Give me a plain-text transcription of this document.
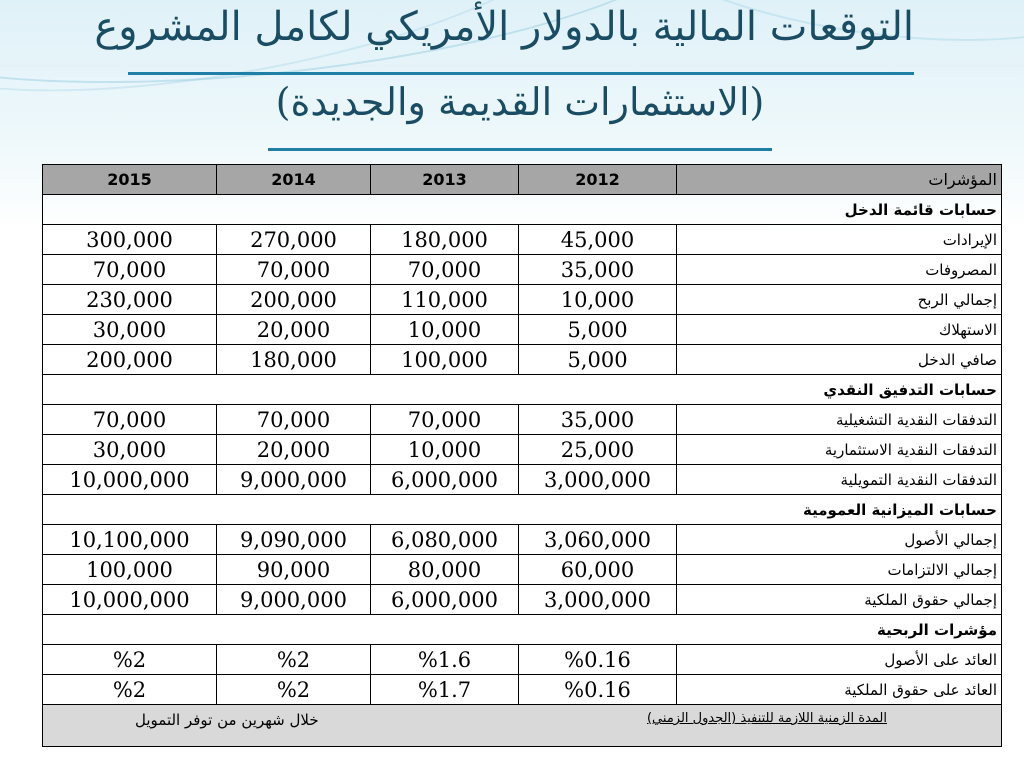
التوقعات المالية بالدولار الأمريكي لكامل المشروع
(الاستثمارات القديمة والجديدة)
2015	2014	2013	2012	المؤشرات
حسابات قائمة الدخل				
300,000	270,000	180,000	45,000	الإيرادات
70,000	70,000	70,000	35,000	المصروفات
230,000	200,000	110,000	10,000	إجمالي الربح
30,000	20,000	10,000	5,000	الاستهلاك
200,000	180,000	100,000	5,000	صافي الدخل
حسابات التدفيق النقدي				
70,000	70,000	70,000	35,000	التدفقات النقدية التشغيلية
30,000	20,000	10,000	25,000	التدفقات النقدية الاستثمارية
10,000,000	9,000,000	6,000,000	3,000,000	التدفقات النقدية التمويلية
حسابات الميزانية العمومية				
10,100,000	9,090,000	6,080,000	3,060,000	إجمالي الأصول
100,000	90,000	80,000	60,000	إجمالي الالتزامات
10,000,000	9,000,000	6,000,000	3,000,000	إجمالي حقوق الملكية
مؤشرات الربحية				
%2	%2	%1.6	%0.16	العائد على الأصول
%2	%2	%1.7	%0.16	العائد على حقوق الملكية

المدة الزمنية اللازمة للتنفيذ (الجدول الزمني)
خلال شهرين من توفر التمويل				
